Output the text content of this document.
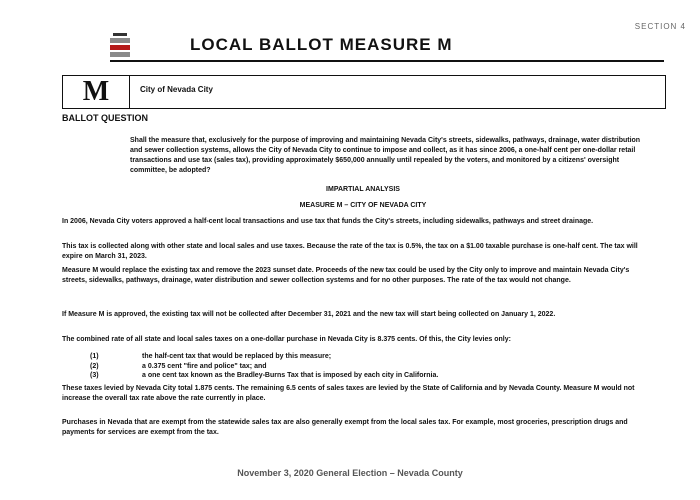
SECTION 4
LOCAL BALLOT MEASURE M
M	City of Nevada City
BALLOT QUESTION
Shall the measure that, exclusively for the purpose of improving and maintaining Nevada City's streets, sidewalks, pathways, drainage, water distribution and sewer collection systems, allows the City of Nevada City to continue to impose and collect, as it has since 2006, a one-half cent per one-dollar retail transactions and use tax (sales tax), providing approximately $650,000 annually until repealed by the voters, and monitored by a citizens' oversight committee, be adopted?
IMPARTIAL ANALYSIS
MEASURE M – CITY OF NEVADA CITY
In 2006, Nevada City voters approved a half-cent local transactions and use tax that funds the City's streets, including sidewalks, pathways and street drainage.
This tax is collected along with other state and local sales and use taxes. Because the rate of the tax is 0.5%, the tax on a $1.00 taxable purchase is one-half cent. The tax will expire on March 31, 2023.
Measure M would replace the existing tax and remove the 2023 sunset date. Proceeds of the new tax could be used by the City only to improve and maintain Nevada City's streets, sidewalks, pathways, drainage, water distribution and sewer collection systems and for no other purposes. The rate of the tax would not change.
If Measure M is approved, the existing tax will not be collected after December 31, 2021 and the new tax will start being collected on January 1, 2022.
The combined rate of all state and local sales taxes on a one-dollar purchase in Nevada City is 8.375 cents. Of this, the City levies only:
(1)	the half-cent tax that would be replaced by this measure;
(2)	a 0.375 cent "fire and police" tax; and
(3)	a one cent tax known as the Bradley-Burns Tax that is imposed by each city in California.
These taxes levied by Nevada City total 1.875 cents. The remaining 6.5 cents of sales taxes are levied by the State of California and by Nevada County. Measure M would not increase the overall tax rate above the rate currently in place.
Purchases in Nevada that are exempt from the statewide sales tax are also generally exempt from the local sales tax. For example, most groceries, prescription drugs and payments for services are exempt from the tax.
November 3, 2020 General Election – Nevada County
